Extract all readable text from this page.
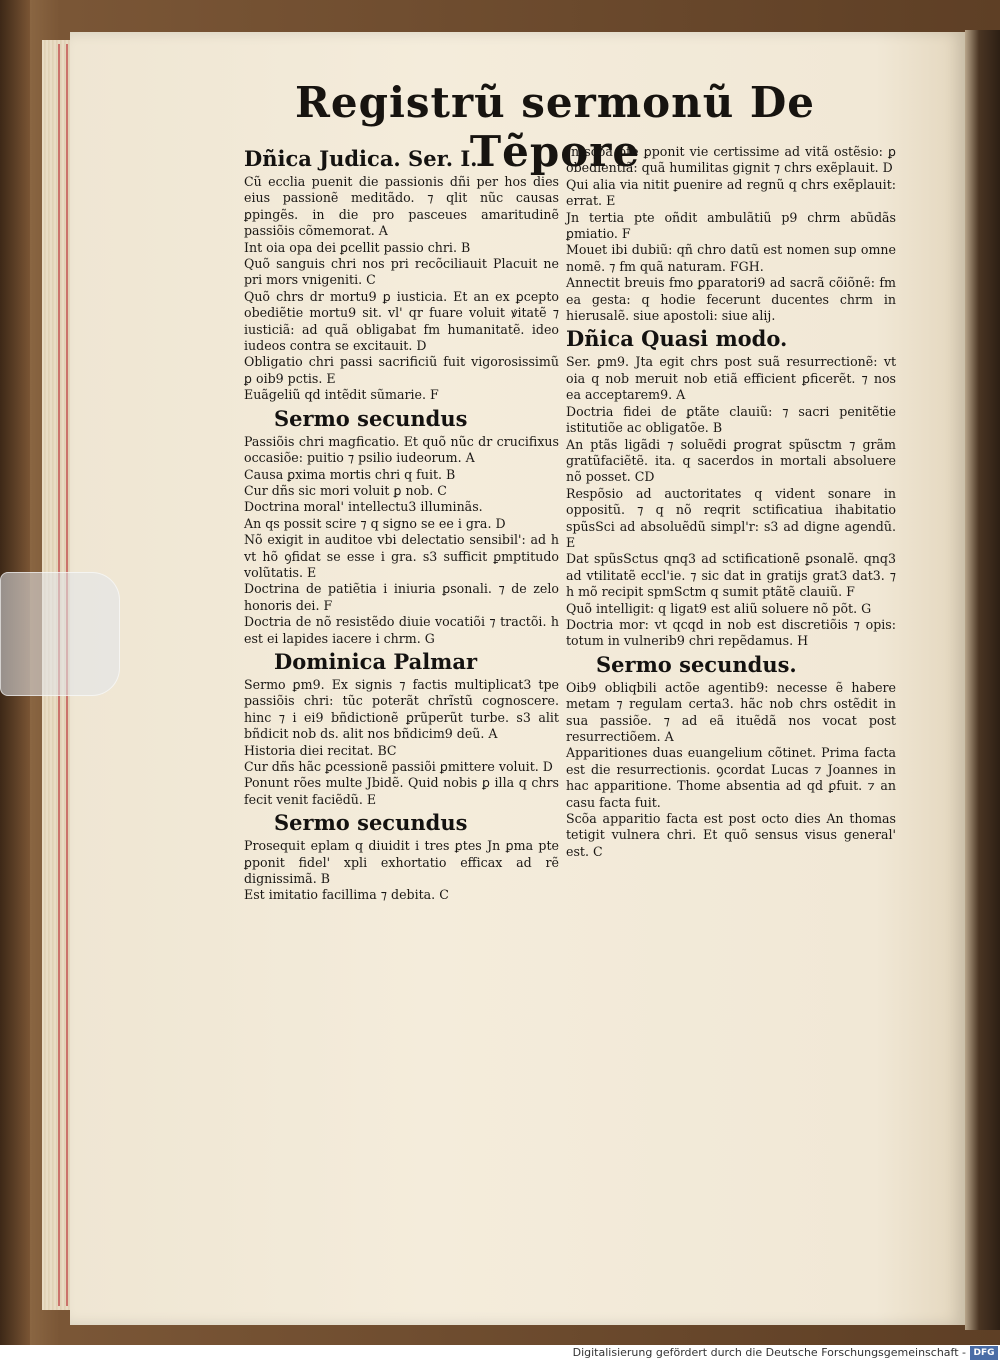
Registrũ sermonũ De Tẽpore
Dñica Judica. Ser. I.

Cũ ecclia puenit die passionis dñi per hos dies eius passionẽ meditãdo. ⁊ qlit nũc causas ꝑpingẽs. in die pro pasceues amaritudinẽ passiõis cõmemorat. A

Int oia opa dei ꝑcellit passio chri. B

Quõ sanguis chri nos pri recõciliauit Placuit ne pri mors vnigeniti. C

Quõ chrs dr mortu9 ꝑ iusticia. Et an ex ꝑcepto obediẽtie mortu9 sit. vl' qr fuare voluit ꝟitatẽ ⁊ iusticiã: ad quã obligabat fm humanitatẽ. ideo iudeos contra se excitauit. D

Obligatio chri passi sacrificiũ fuit vigorosissimũ ꝑ oib9 pctis. E

Euãgeliũ qd intẽdit sũmarie. F

Sermo secundus

Passiõis chri magficatio. Et quõ nũc dr crucifixus occasiõe: puitio ⁊ psilio iudeorum. A

Causa ꝑxima mortis chri q fuit. B

Cur dñs sic mori voluit ꝑ nob. C

Doctrina moral' intellectu3 illuminãs.

An qs possit scire ⁊ q signo se ee i gra. D

Nõ exigit in auditoe vbi delectatio sensibil': ad h vt hõ ꝯfidat se esse i gra. s3 sufficit ꝑmptitudo volũtatis. E

Doctrina de patiẽtia i iniuria ꝑsonali. ⁊ de zelo honoris dei. F

Doctria de nõ resistẽdo diuie vocatiõi ⁊ tractõi. h est ei lapides iacere i chrm. G

Dominica Palmar

Sermo ꝑm9. Ex signis ⁊ factis multiplicat3 tpe passiõis chri: tũc poterãt chrĩstũ cognoscere. hinc ⁊ i ei9 bñdictionẽ ꝑrũperũt turbe. s3 alit bñdicit nob ds. alit nos bñdicim9 deũ. A

Historia diei recitat. BC

Cur dñs hãc ꝑcessionẽ passiõi ꝑmittere voluit. D

Ponunt rões multe Jbidẽ. Quid nobis ꝑ illa q chrs fecit venit faciẽdũ. E

Sermo secundus

Prosequit eplam q diuidit i tres ꝑtes Jn ꝑma pte ꝑponit fidel' xpli exhortatio efficax ad rẽ dignissimã. B

Est imitatio facillima ⁊ debita. C

Jn scõa pte ꝑponit vie certissime ad vitã ostẽsio: ꝑ obedientiã: quã humilitas gignit ⁊ chrs exẽplauit. D

Qui alia via nitit ꝑuenire ad regnũ q chrs exẽplauit: errat. E

Jn tertia pte oñdit ambulãtiũ p9 chrm abũdãs ꝑmiatio. F

Mouet ibi dubiũ: qñ chro datũ est nomen sup omne nomẽ. ⁊ fm quã naturam. FGH.

Annectit breuis fmo ꝑparatori9 ad sacrã cõiõnẽ: fm ea gesta: q hodie fecerunt ducentes chrm in hierusalẽ. siue apostoli: siue alij.

Dñica Quasi modo.

Ser. ꝑm9. Jta egit chrs post suã resurrectionẽ: vt oia q nob meruit nob etiã efficient ꝑficerẽt. ⁊ nos ea acceptarem9. A

Doctria fidei de ꝑtãte clauiũ: ⁊ sacri penitẽtie istitutiõe ac obligatõe. B

An ptãs ligãdi ⁊ soluẽdi ꝑrograt spũsctm ⁊ grãm gratũfaciẽtẽ. ita. q sacerdos in mortali absoluere nõ posset. CD

Respõsio ad auctoritates q vident sonare in oppositũ. ⁊ q nõ reqrit sctificatiua ihabitatio spũsSci ad absoluẽdũ simpl'r: s3 ad digne agendũ. E

Dat spũsSctus qnq3 ad sctificationẽ ꝑsonalẽ. qnq3 ad vtilitatẽ eccl'ie. ⁊ sic dat in gratijs grat3 dat3. ⁊ h mõ recipit spmSctm q sumit ptãtẽ clauiũ. F

Quõ intelligit: q ligat9 est aliũ soluere nõ põt. G

Doctria mor: vt qcqd in nob est discretiõis ⁊ opis: totum in vulnerib9 chri repẽdamus. H

Sermo secundus.

Oib9 obliqbili actõe agentib9: necesse ẽ habere metam ⁊ regulam certa3. hãc nob chrs ostẽdit in sua passiõe. ⁊ ad eã ituẽdã nos vocat post resurrectiõem. A

Apparitiones duas euangelium cõtinet. Prima facta est die resurrectionis. ꝯcordat Lucas ⁊ Joannes in hac apparitione. Thome absentia ad qd ꝑfuit. ⁊ an casu facta fuit.

Scõa apparitio facta est post octo dies An thomas tetigit vulnera chri. Et quõ sensus visus general' est. C

Digitalisierung gefördert durch die Deutsche Forschungsgemeinschaft - DFG
